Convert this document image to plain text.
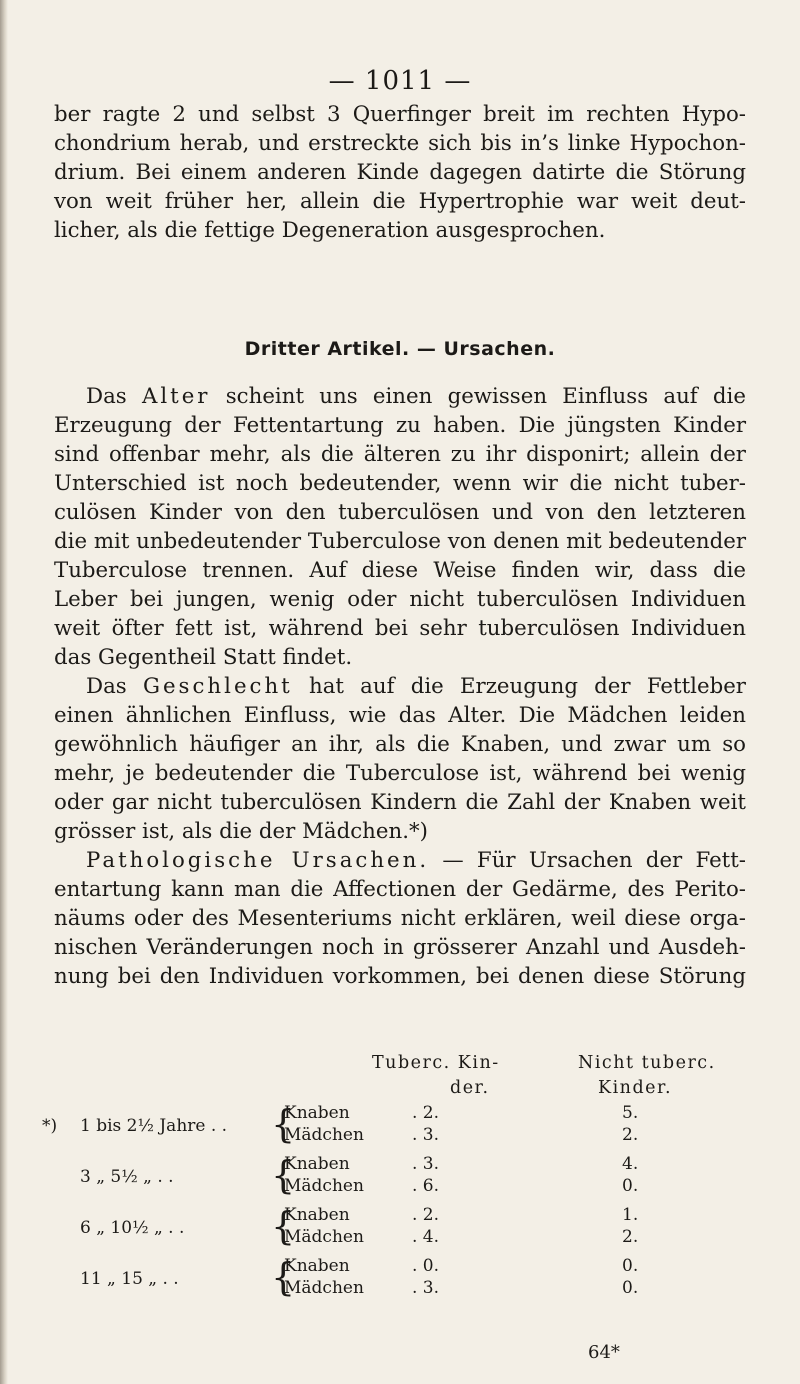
— 1011 —
ber ragte 2 und selbst 3 Querfinger breit im rechten Hypo-
chondrium herab, und erstreckte sich bis in’s linke Hypochon-
drium. Bei einem anderen Kinde dagegen datirte die Störung
von weit früher her, allein die Hypertrophie war weit deut-
licher, als die fettige Degeneration ausgesprochen.
Dritter Artikel. — Ursachen.
Das Alter scheint uns einen gewissen Einfluss auf die
Erzeugung der Fettentartung zu haben. Die jüngsten Kinder
sind offenbar mehr, als die älteren zu ihr disponirt; allein der
Unterschied ist noch bedeutender, wenn wir die nicht tuber-
culösen Kinder von den tuberculösen und von den letzteren
die mit unbedeutender Tuberculose von denen mit bedeutender
Tuberculose trennen. Auf diese Weise finden wir, dass die
Leber bei jungen, wenig oder nicht tuberculösen Individuen
weit öfter fett ist, während bei sehr tuberculösen Individuen
das Gegentheil Statt findet.
Das Geschlecht hat auf die Erzeugung der Fettleber
einen ähnlichen Einfluss, wie das Alter. Die Mädchen leiden
gewöhnlich häufiger an ihr, als die Knaben, und zwar um so
mehr, je bedeutender die Tuberculose ist, während bei wenig
oder gar nicht tuberculösen Kindern die Zahl der Knaben weit
grösser ist, als die der Mädchen.*)
Pathologische Ursachen. — Für Ursachen der Fett-
entartung kann man die Affectionen der Gedärme, des Perito-
näums oder des Mesenteriums nicht erklären, weil diese orga-
nischen Veränderungen noch in grösserer Anzahl und Ausdeh-
nung bei den Individuen vorkommen, bei denen diese Störung
Tuberc. Kin-
der.
Nicht tuberc.
Kinder.
*) 1 bis 2½ Jahre . . {
Knaben
Mädchen
. 2.
. 3.
5.
2.
3 „ 5½ „ . .	{
Knaben
Mädchen
. 3.
. 6.
4.
0.
6 „ 10½ „ . . {
Knaben
Mädchen
. 2.
. 4.
1.
2.
11 „ 15 „ . . {
Knaben
Mädchen
. 0.
. 3.
0.
0.
64*
